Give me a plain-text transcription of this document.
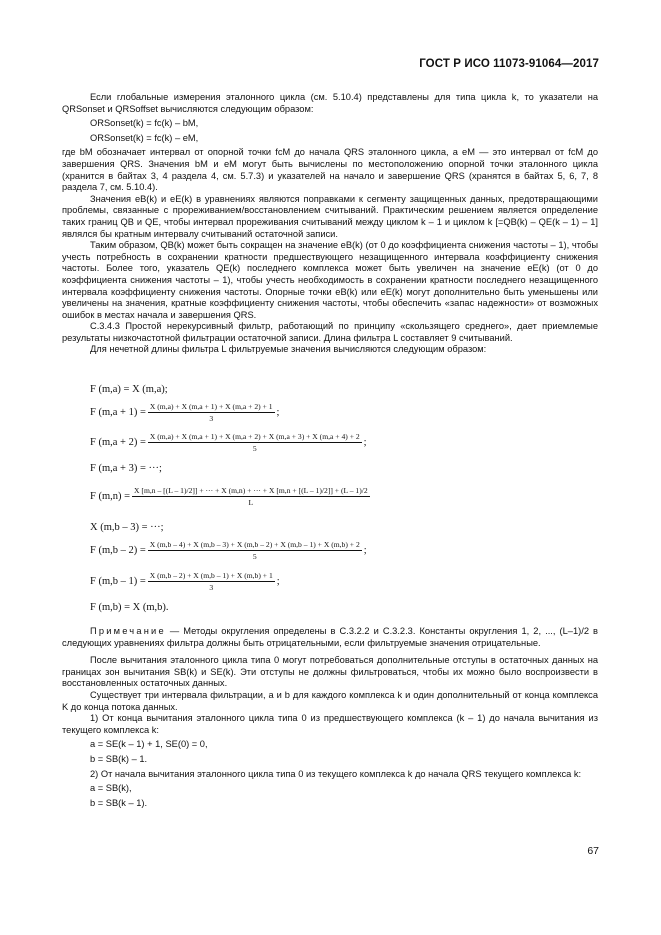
ГОСТ Р ИСО 11073-91064—2017

Если глобальные измерения эталонного цикла (см. 5.10.4) представлены для типа цикла k, то указатели на QRSonset и QRSoffset вычисляются следующим образом:

ORSonset(k) = fc(k) – bM,

ORSonset(k) = fc(k) – eM,

где bM обозначает интервал от опорной точки fcM до начала QRS эталонного цикла, а eM — это интервал от fcM до завершения QRS. Значения bM и eM могут быть вычислены по местоположению опорной точки эталонного цикла (хранится в байтах 3, 4 раздела 4, см. 5.7.3) и указателей на начало и завершение QRS (хранятся в байтах 5, 6, 7, 8 раздела 7, см. 5.10.4).

Значения eB(k) и eE(k) в уравнениях являются поправками к сегменту защищенных данных, предотвращающими проблемы, связанные с прореживанием/восстановлением считываний. Практическим решением является определение таких границ QB и QE, чтобы интервал прореживания считываний между циклом k – 1 и циклом k [=QB(k) – QE(k – 1) – 1] являлся бы кратным интервалу считываний остаточной записи.

Таким образом, QB(k) может быть сокращен на значение eB(k) (от 0 до коэффициента снижения частоты – 1), чтобы учесть потребность в сохранении кратности предшествующего незащищенного интервала коэффициенту снижения частоты. Более того, указатель QE(k) последнего комплекса может быть увеличен на значение eE(k) (от 0 до коэффициента снижения частоты – 1), чтобы учесть необходимость в сохранении кратности последнего незащищенного интервала коэффициенту снижения частоты. Опорные точки eB(k) или eE(k) могут дополнительно быть уменьшены или увеличены на значения, кратные коэффициенту снижения частоты, чтобы обеспечить «запас надежности» от возможных ошибок в местах начала и завершения QRS.

С.3.4.3 Простой нерекурсивный фильтр, работающий по принципу «скользящего среднего», дает приемлемые результаты низкочастотной фильтрации остаточной записи. Длина фильтра L составляет 9 считываний.

Для нечетной длины фильтра L фильтруемые значения вычисляются следующим образом:

F (m,a) = X (m,a);
F $(m,a + 1) = \frac{X (m,a) + X (m,a + 1) + X (m,a + 2) + 1}{3}$ ;
F (m,a + 2) =
X (m,a) + X (m,a + 1) + X (m,a + 2) + X (m,a + 3) + X (m,a + 4) + 2
5
;
F (m,a + 3) = ···;
F (m,n) =
X [m,n – [(L – 1)/2]] + ··· + X (m,n) + ··· + X [m,n + [(L – 1)/2]] + (L – 1)/2
L
X (m,b – 3) = ···;
F (m,b – 2) =
X (m,b – 4) + X (m,b – 3) + X (m,b – 2) + X (m,b – 1) + X (m,b) + 2
5
;
F $(m,b - 1) = \frac{X (m,b - 2) + X (m,b - 1) + X (m,b) + 1}{3}$ ;
F (m,b) = X (m,b).

Примечание — Методы округления определены в С.3.2.2 и С.3.2.3. Константы округления 1, 2, ..., (L–1)/2 в следующих уравнениях фильтра должны быть отрицательными, если фильтруемые значения отрицательные.

После вычитания эталонного цикла типа 0 могут потребоваться дополнительные отступы в остаточных данных на границах зон вычитания SB(k) и SE(k). Эти отступы не должны фильтроваться, чтобы их можно было воспроизвести в восстановленных остаточных данных.

Существует три интервала фильтрации, a и b для каждого комплекса k и один дополнительный от конца комплекса K до конца потока данных.

1) От конца вычитания эталонного цикла типа 0 из предшествующего комплекса (k – 1) до начала вычитания из текущего комплекса k:

a = SE(k – 1) + 1, SE(0) = 0,

b = SB(k) – 1.

2) От начала вычитания эталонного цикла типа 0 из текущего комплекса k до начала QRS текущего комплекса k:

a = SB(k),

b = SB(k – 1).

67
